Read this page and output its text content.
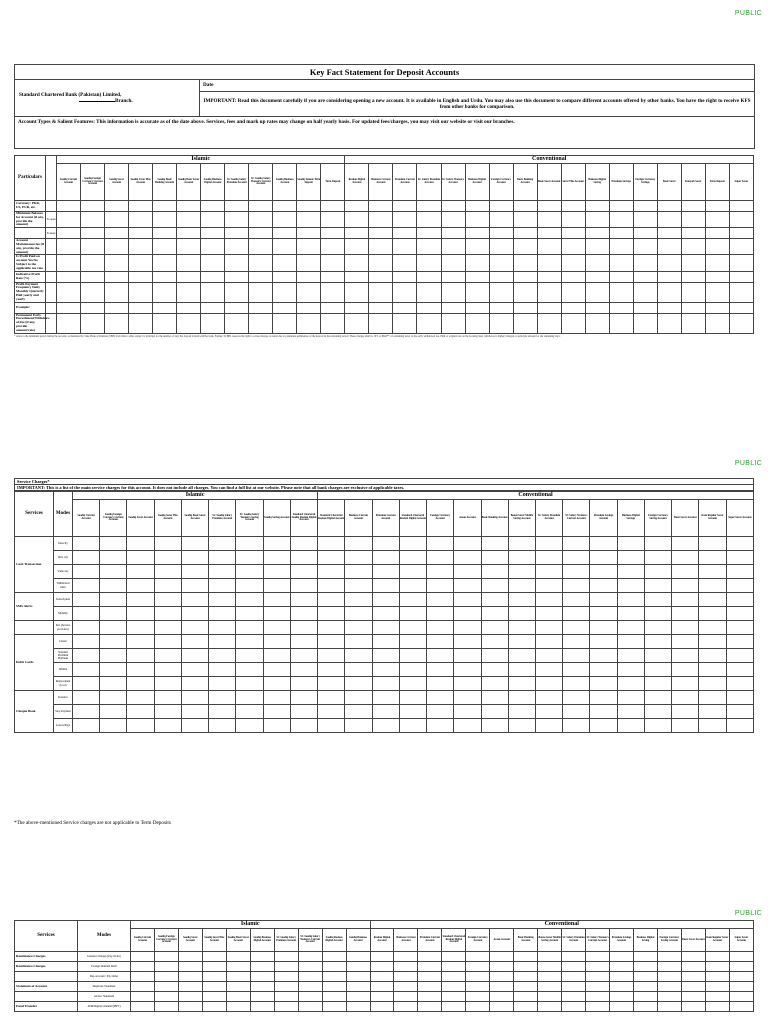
PUBLIC
PUBLIC
PUBLIC
Key Fact Statement for Deposit Accounts

Standard Chartered Bank (Pakistan) Limited,
Branch.
	Date
IMPORTANT: Read this document carefully if you are considering opening a new account. It is available in English and Urdu. You may also use this document to compare different accounts offered by other banks. You have the right to receive KFS from other banks for comparison.
Account Types & Salient Features: This information is accurate as of the date above. Services, fees and mark up rates may change on half yearly basis. For updated fees/charges, you may visit our website or visit our branches.
Particulars		Islamic												Conventional																
		Saadiq Current Account	Saadiq Foreign Currency Current Account	Saadiq Saver Account	Saadiq Saver Plus Account	Saadiq Basic Banking Account	Saadiq Basic Saver Account	Saadiq Business Digital Account	SC Saadiq Salary Premium Account	SC Saadiq Salary Women's Current Account	Saadiq Business Account	Saadiq Islamic Term Deposit	Term Deposit	Roshan Digital Account	Business Current Account	Premium Current Account	SC Salary Premium Account	SC Salary Women's Account	Business Digital Account	Foreign Currency Account	Basic Banking Account	Basic Saver Account	Saver Plus Account	Business Digital Saving	Premium Savings	Foreign Currency Savings	Basic Saver	Kamyab Saver	Term Deposit	Super Saver
Currency: PKR, US, EUR, etc.		·	·	·	·	·	·	·	·	·	·	·	·	·	·	·	·	·	·	·	·	·	·	·	·	·	·	·	·	·
Minimum Balance for Account (if any, provide the amount)	To open	·	·	·	·	·	·	·	·	·	·	·	·	·	·	·	·	·	·	·	·	·	·	·	·	·	·	·	·	·
	To keep	·	·	·	·	·	·	·	·	·	·	·	·	·	·	·	·	·	·	·	·	·	·	·	·	·	·	·	·	·
Account Maintenance fee (if any, provide the amount)		·	·	·	·	·	·	·	·	·	·	·	·	·	·	·	·	·	·	·	·	·	·	·	·	·	·	·	·	·
Is Profit Paid on account Yes/No Subject to the applicable tax rate		·	·	·	·	·	·	·	·	·	·	·	·	·	·	·	·	·	·	·	·	·	·	·	·	·	·	·	·	·
Indicative Profit Rate (%)		·	·	·	·	·	·	·	·	·	·	·	·	·	·	·	·	·	·	·	·	·	·	·	·	·	·	·	·	·
Profit Payment Frequency Daily Monthly Quarterly Half yearly and yearly		·	·	·	·	·	·	·	·	·	·	·	·	·	·	·	·	·	·	·	·	·	·	·	·	·	·	·	·	·
Example:		·	·	·	·	·	·	·	·	·	·	·	·	·	·	·	·	·	·	·	·	·	·	·	·	·	·	·	·	·
Permanent Early Encashment/Withdraw al Fee (if any, provide amount/rate)		·	·	·	·	·	·	·	·	·	·	·	·	·	·	·	·	·	·	·	·	·	·	·	·	·	·	·	·	·
* refers to the minimum period during the account, as mandated by State Bank of Pakistan (SBP) from time to time; subject to principal for the number of days the deposit is held with the bank. Further, SCBPL reserves the right to revise charges on rental due to premature termination of the deposit in the remaining period. These charges shall be 10% or PKR**, of remaining tenor on the early withdrawal fee. PKR of original rate on the booking date; whichever is higher) charged on principle amount for the remaining days.
Service Charges*
IMPORTANT: This is a list of the main service charges for this account. It does not include all charges. You can find a full list at our website. Please note that all bank charges are exclusive of applicable taxes.
Services	Modes	Islamic									Conventional															
		Saadiq Current Account	Saadiq Foreign Currency Current Account	Saadiq Saver Account	Saadiq Saver Plus Account	Saadiq Basic Saver Account	SC Saadiq Salary Premium Account	SC Saadiq Salary Women's Saving Account	Saadiq Saving Account	Standard Chartered Saadiq Roshan Digital Account	Standard Chartered Roshan Digital Account	Business Current Account	Premium Current Account	Standard Chartered Roshan Digital Account	Foreign Currency Account	Asaan Account	Basic Banking Account	Bonus Saver Mobile Saving Account	SC Salary Premium Account	SC Salary Women's Current Account	Premium Savings Account	Business Digital Savings	Foreign Currency Saving Account	Basic Saver Account	Kam Regular Saver Account	Super Saver Account
Cash Transaction	Intercity	·	·	·	·	·	·	·	·	·	·	·	·	·	·	·	·	·	·	·	·	·	·	·	·	·
	Intra city	·	·	·	·	·	·	·	·	·	·	·	·	·	·	·	·	·	·	·	·	·	·	·	·	·
	Same day	·	·	·	·	·	·	·	·	·	·	·	·	·	·	·	·	·	·	·	·	·	·	·	·	·
	Withdrawal limit	·	·	·	·	·	·	·	·	·	·	·	·	·	·	·	·	·	·	·	·	·	·	·	·	·
SMS Alerts	Subscription	·	·	·	·	·	·	·	·	·	·	·	·	·	·	·	·	·	·	·	·	·	·	·	·	·
	Monthly	·	·	·	·	·	·	·	·	·	·	·	·	·	·	·	·	·	·	·	·	·	·	·	·	·
	Intl. (Service providers)	·	·	·	·	·	·	·	·	·	·	·	·	·	·	·	·	·	·	·	·	·	·	·	·	·
Debit Cards	Classic	·	·	·	·	·	·	·	·	·	·	·	·	·	·	·	·	·	·	·	·	·	·	·	·	·
	Standard Premium Platinum	·	·	·	·	·	·	·	·	·	·	·	·	·	·	·	·	·	·	·	·	·	·	·	·	·
	Infinite	·	·	·	·	·	·	·	·	·	·	·	·	·	·	·	·	·	·	·	·	·	·	·	·	·
	Replacement (Lost)	·	·	·	·	·	·	·	·	·	·	·	·	·	·	·	·	·	·	·	·	·	·	·	·	·
Cheque Book	Issuance	·	·	·	·	·	·	·	·	·	·	·	·	·	·	·	·	·	·	·	·	·	·	·	·	·
	Stop Payment	·	·	·	·	·	·	·	·	·	·	·	·	·	·	·	·	·	·	·	·	·	·	·	·	·
	Leaves/Page	·	·	·	·	·	·	·	·	·	·	·	·	·	·	·	·	·	·	·	·	·	·	·	·	·
*The above-mentioned Service charges are not applicable to Term Deposits
Services	Modes	Islamic										Conventional															
		Saadiq Current Account	Saadiq Foreign Currency Current Account	Saadiq Saver Account	Saadiq Saver Plus Account	Saadiq Basic Saver Account	Saadiq Business Digital Account	SC Saadiq Salary Premium Account	SC Saadiq Salary Women's Current Account	Saadiq Roshan Digital Account	Saadiq Business Account	Roshan Digital Account	Business Current Account	Premium Current Account	Standard Chartered Roshan Digital Account	Foreign Currency Account	Asaan Account	Basic Banking Account	Bonus Saver Mobile Saving Account	SC Salary Premium Account	SC Salary Women's Current Account	Premium Savings Account	Business Digital Saving	Foreign Currency Saving Account	Basic Saver Account	Kam Regular Saver Account	Super Saver Account
Remittance Charges	Issuance Charges (Pay Order)	·	·	·	·	·	·	·	·	·	·	·	·	·	·	·	·	·	·	·	·	·	·	·	·	·	·
Remittance Charges	Foreign Demand Draft	·	·	·	·	·	·	·	·	·	·	·	·	·	·	·	·	·	·	·	·	·	·	·	·	·	·
	Dep Account / Pay Order	·	·	·	·	·	·	·	·	·	·	·	·	·	·	·	·	·	·	·	·	·	·	·	·	·	·
Statement of Account	Duplicate Statement	·	·	·	·	·	·	·	·	·	·	·	·	·	·	·	·	·	·	·	·	·	·	·	·	·	·
	Ad-hoc Statement	·	·	·	·	·	·	·	·	·	·	·	·	·	·	·	·	·	·	·	·	·	·	·	·	·	·
Fund Transfer	ATM/Digital Channel (IBFT)	·	·	·	·	·	·	·	·	·	·	·	·	·	·	·	·	·	·	·	·	·	·	·	·	·	·
